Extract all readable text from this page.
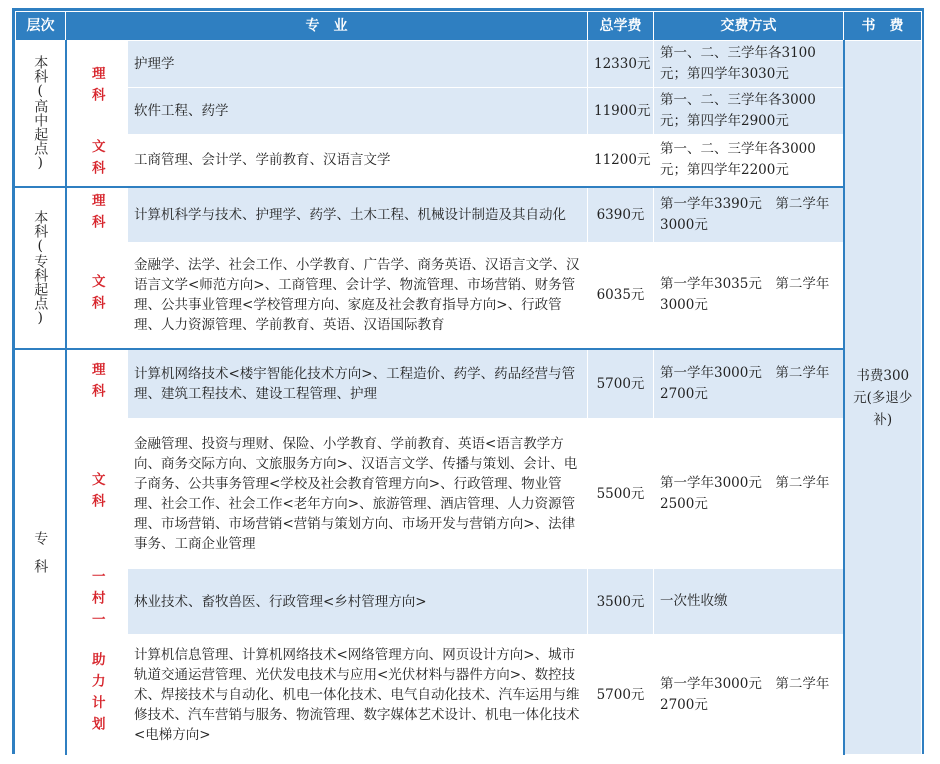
层次	专　业		总学费	交费方式	书　费
本科(高中起点)	理科	护理学	12330元	第一、二、三学年各3100元；第四学年3030元	书费300元(多退少补)
		软件工程、药学	11900元	第一、二、三学年各3000元；第四学年2900元	
	文科	工商管理、会计学、学前教育、汉语言文学	11200元	第一、二、三学年各3000元；第四学年2200元	
本科(专科起点)	理科	计算机科学与技术、护理学、药学、土木工程、机械设计制造及其自动化	6390元	第一学年3390元　第二学年3000元	
	文科	金融学、法学、社会工作、小学教育、广告学、商务英语、汉语言文学、汉语言文学<师范方向>、工商管理、会计学、物流管理、市场营销、财务管理、公共事业管理<学校管理方向、家庭及社会教育指导方向>、行政管理、人力资源管理、学前教育、英语、汉语国际教育	6035元	第一学年3035元　第二学年3000元	
专　科	理科	计算机网络技术<楼宇智能化技术方向>、工程造价、药学、药品经营与管理、建筑工程技术、建设工程管理、护理	5700元	第一学年3000元　第二学年2700元	
	文科	金融管理、投资与理财、保险、小学教育、学前教育、英语<语言教学方向、商务交际方向、文旅服务方向>、汉语言文学、传播与策划、会计、电子商务、公共事务管理<学校及社会教育管理方向>、行政管理、物业管理、社会工作、社会工作<老年方向>、旅游管理、酒店管理、人力资源管理、市场营销、市场营销<营销与策划方向、市场开发与营销方向>、法律事务、工商企业管理	5500元	第一学年3000元　第二学年2500元	
	一村一	林业技术、畜牧兽医、行政管理<乡村管理方向>	3500元	一次性收缴	
	助力计划	计算机信息管理、计算机网络技术<网络管理方向、网页设计方向>、城市轨道交通运营管理、光伏发电技术与应用<光伏材料与器件方向>、数控技术、焊接技术与自动化、机电一体化技术、电气自动化技术、汽车运用与维修技术、汽车营销与服务、物流管理、数字媒体艺术设计、机电一体化技术<电梯方向>	5700元	第一学年3000元　第二学年2700元	
